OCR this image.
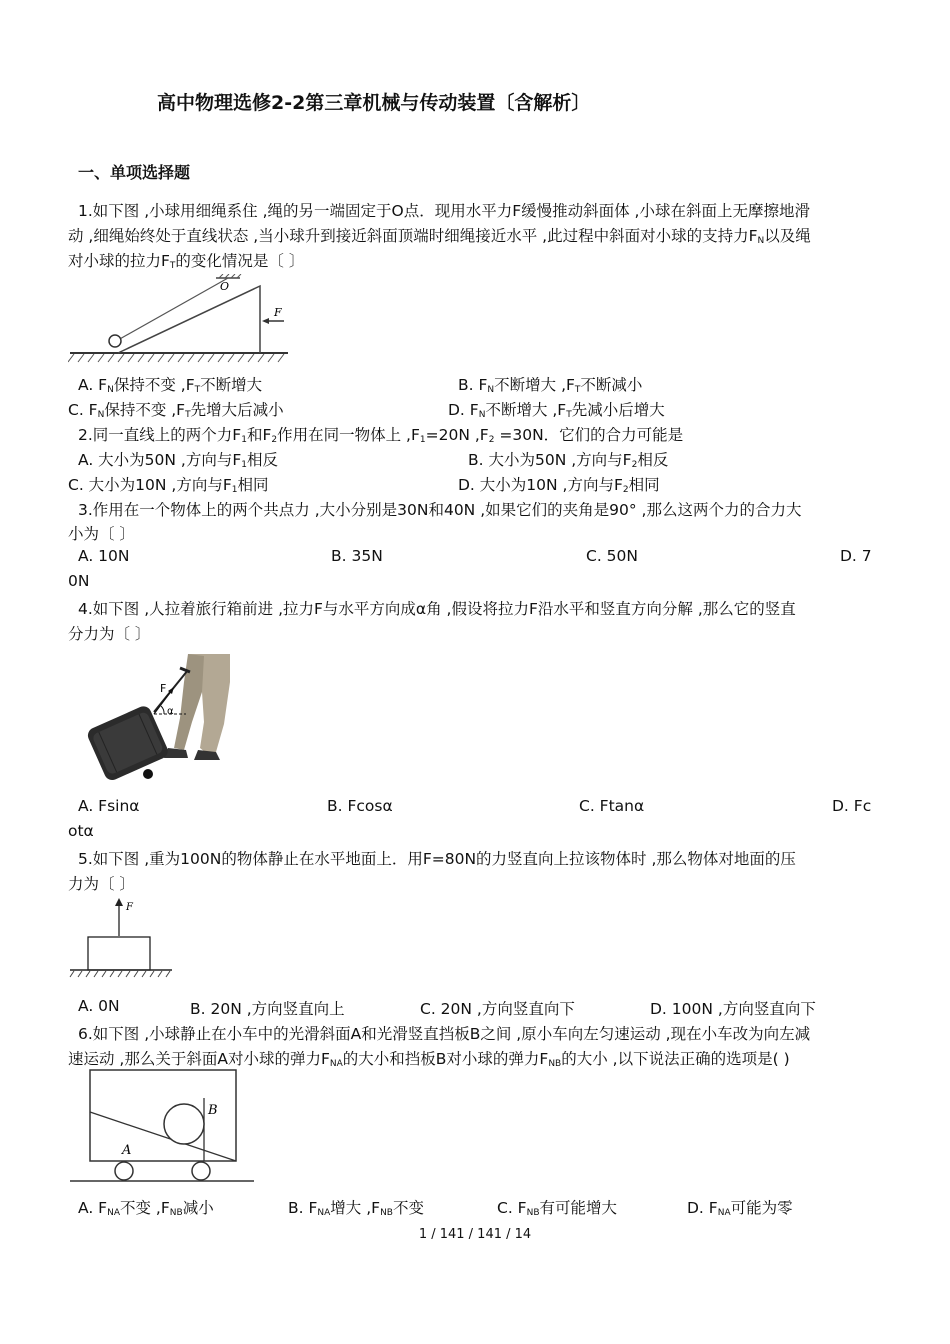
高中物理选修2-2第三章机械与传动装置〔含解析〕
一、单项选择题
1.如下图 ,小球用细绳系住 ,绳的另一端固定于O点．现用水平力F缓慢推动斜面体 ,小球在斜面上无摩擦地滑
动 ,细绳始终处于直线状态 ,当小球升到接近斜面顶端时细绳接近水平 ,此过程中斜面对小球的支持力$F_N$以及绳
对小球的拉力$F_T$的变化情况是〔 〕
O
F
A. $F_N$保持不变 $,F_T$不断增大	B. $F_N$不断增大 $,F_T$不断减小
C. $F_N$保持不变 $,F_T$先增大后减小	D. $F_N$不断增大 $,F_T$先减小后增大
2.同一直线上的两个力$F_1$和$F_2$作用在同一物体上 $,F_1=20N$ $,F_2 =30N$．它们的合力可能是
A. 大小为50N ,方向与$F_1$相反	B. 大小为50N ,方向与$F_2$相反
C. 大小为10N ,方向与$F_1$相同	D. 大小为10N ,方向与$F_2$相同
3.作用在一个物体上的两个共点力 ,大小分别是30N和40N ,如果它们的夹角是90° ,那么这两个力的合力大
小为〔 〕
A. 10N	B. 35N	C. 50N	D. 7
0N
4.如下图 ,人拉着旅行箱前进 ,拉力F与水平方向成α角 ,假设将拉力F沿水平和竖直方向分解 ,那么它的竖直
分力为〔 〕
F
α
A. Fsinα	B. Fcosα	C. Ftanα	D. Fc
otα
5.如下图 ,重为100N的物体静止在水平地面上．用F=80N的力竖直向上拉该物体时 ,那么物体对地面的压
力为〔 〕
F
A. 0N	B. 20N ,方向竖直向上	C. 20N ,方向竖直向下	D. 100N ,方向竖直向下
6.如下图 ,小球静止在小车中的光滑斜面A和光滑竖直挡板B之间 ,原小车向左匀速运动 ,现在小车改为向左减
速运动 ,那么关于斜面A对小球的弹力$F_{NA}$的大小和挡板B对小球的弹力$F_{NB}$的大小 ,以下说法正确的选项是( )
B
A
A. $F_{NA}$不变 $,F_{NB}$减小	B. $F_{NA}$增大 $,F_{NB}$不变	C. $F_{NB}$有可能增大	D. $F_{NA}$可能为零
1 / 141 / 141 / 14
